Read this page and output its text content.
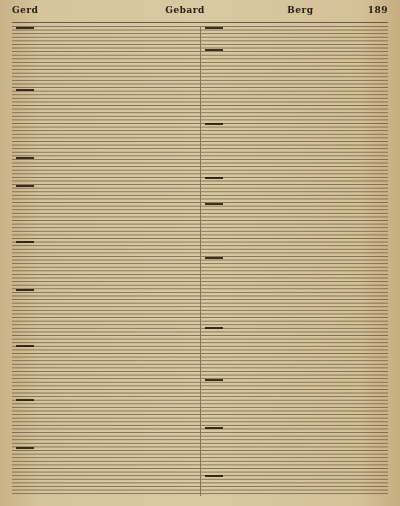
Gerd	Gebard	Berg	189
